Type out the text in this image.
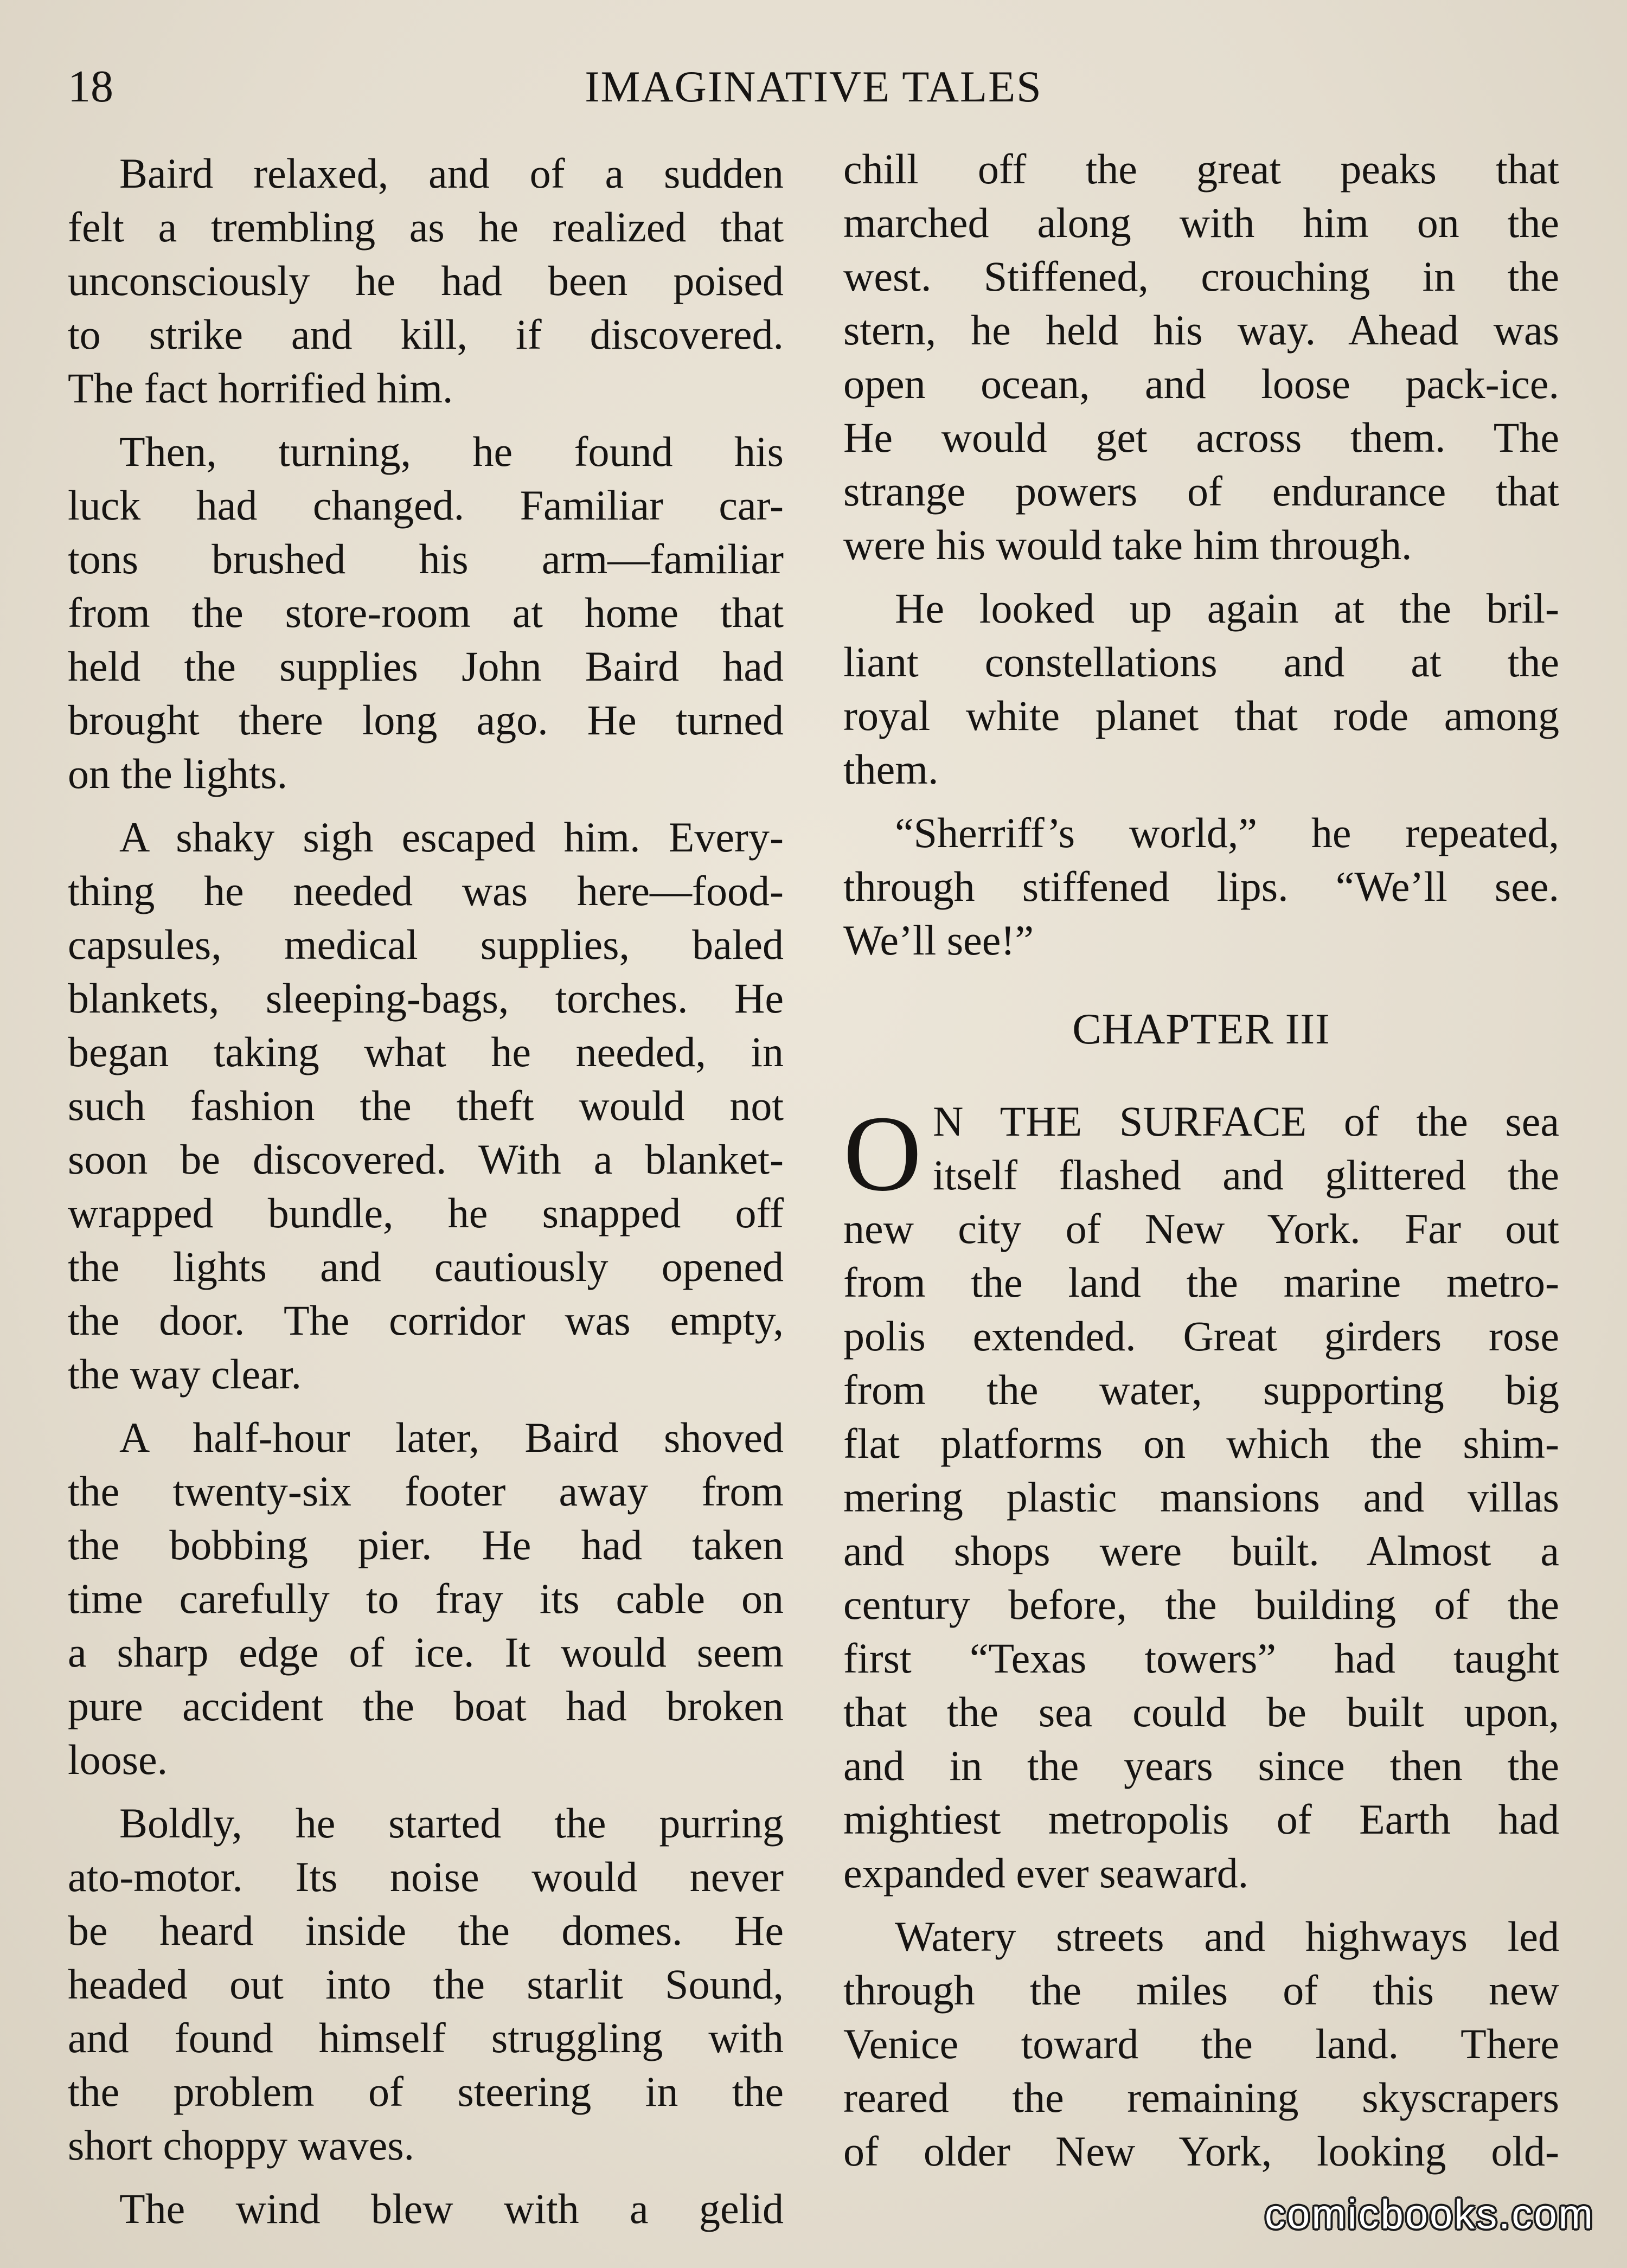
18	IMAGINATIVE TALES
Baird relaxed, and of a sudden
felt a trembling as he realized that
unconsciously he had been poised
to strike and kill, if discovered.
The fact horrified him.
Then, turning, he found his
luck had changed. Familiar car-
tons brushed his arm—familiar
from the store-room at home that
held the supplies John Baird had
brought there long ago. He turned
on the lights.
A shaky sigh escaped him. Every-
thing he needed was here—food-
capsules, medical supplies, baled
blankets, sleeping-bags, torches. He
began taking what he needed, in
such fashion the theft would not
soon be discovered. With a blanket-
wrapped bundle, he snapped off
the lights and cautiously opened
the door. The corridor was empty,
the way clear.
A half-hour later, Baird shoved
the twenty-six footer away from
the bobbing pier. He had taken
time carefully to fray its cable on
a sharp edge of ice. It would seem
pure accident the boat had broken
loose.
Boldly, he started the purring
ato-motor. Its noise would never
be heard inside the domes. He
headed out into the starlit Sound,
and found himself struggling with
the problem of steering in the
short choppy waves.
The wind blew with a gelid
chill off the great peaks that
marched along with him on the
west. Stiffened, crouching in the
stern, he held his way. Ahead was
open ocean, and loose pack-ice.
He would get across them. The
strange powers of endurance that
were his would take him through.
He looked up again at the bril-
liant constellations and at the
royal white planet that rode among
them.
“Sherriff’s world,” he repeated,
through stiffened lips. “We’ll see.
We’ll see!”
CHAPTER III
O N THE SURFACE of the sea
itself flashed and glittered the
new city of New York. Far out
from the land the marine metro-
polis extended. Great girders rose
from the water, supporting big
flat platforms on which the shim-
mering plastic mansions and villas
and shops were built. Almost a
century before, the building of the
first “Texas towers” had taught
that the sea could be built upon,
and in the years since then the
mightiest metropolis of Earth had
expanded ever seaward.
Watery streets and highways led
through the miles of this new
Venice toward the land. There
reared the remaining skyscrapers
of older New York, looking old-
comicbooks.com
